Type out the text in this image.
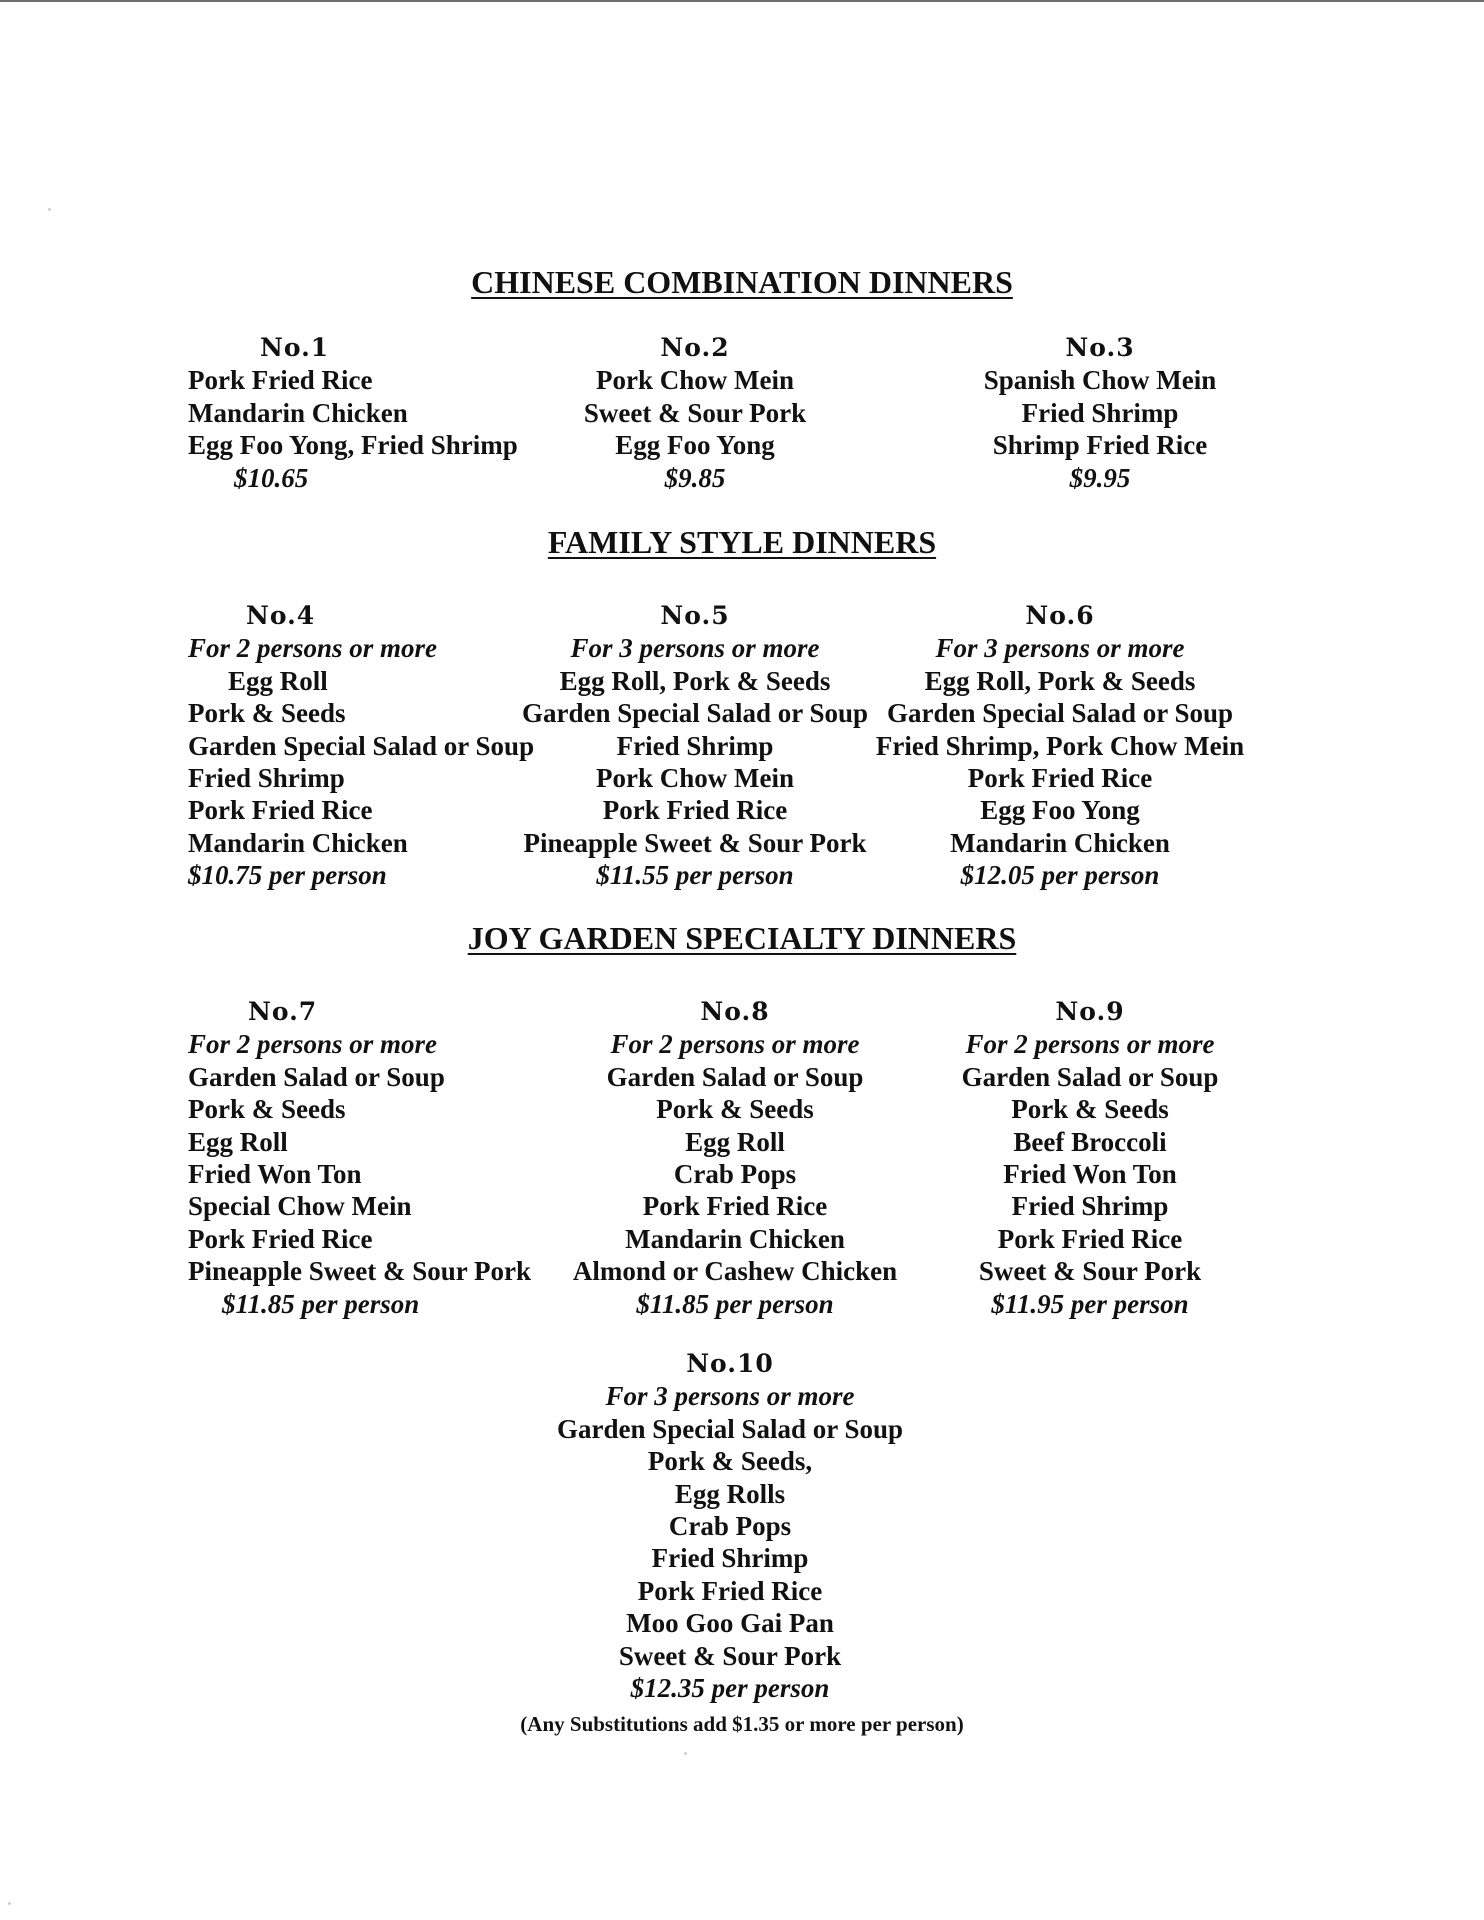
CHINESE COMBINATION DINNERS
No.1
Pork Fried Rice
Mandarin Chicken
Egg Foo Yong, Fried Shrimp
$10.65
No.2
Pork Chow Mein
Sweet & Sour Pork
Egg Foo Yong
$9.85
No.3
Spanish Chow Mein
Fried Shrimp
Shrimp Fried Rice
$9.95
FAMILY STYLE DINNERS
No.4
For 2 persons or more
Egg Roll
Pork & Seeds
Garden Special Salad or Soup
Fried Shrimp
Pork Fried Rice
Mandarin Chicken
$10.75 per person
No.5
For 3 persons or more
Egg Roll, Pork & Seeds
Garden Special Salad or Soup
Fried Shrimp
Pork Chow Mein
Pork Fried Rice
Pineapple Sweet & Sour Pork
$11.55 per person
No.6
For 3 persons or more
Egg Roll, Pork & Seeds
Garden Special Salad or Soup
Fried Shrimp, Pork Chow Mein
Pork Fried Rice
Egg Foo Yong
Mandarin Chicken
$12.05 per person
JOY GARDEN SPECIALTY DINNERS
No.7
For 2 persons or more
Garden Salad or Soup
Pork & Seeds
Egg Roll
Fried Won Ton
Special Chow Mein
Pork Fried Rice
Pineapple Sweet & Sour Pork
$11.85 per person
No.8
For 2 persons or more
Garden Salad or Soup
Pork & Seeds
Egg Roll
Crab Pops
Pork Fried Rice
Mandarin Chicken
Almond or Cashew Chicken
$11.85 per person
No.9
For 2 persons or more
Garden Salad or Soup
Pork & Seeds
Beef Broccoli
Fried Won Ton
Fried Shrimp
Pork Fried Rice
Sweet & Sour Pork
$11.95 per person
No.10
For 3 persons or more
Garden Special Salad or Soup
Pork & Seeds,
Egg Rolls
Crab Pops
Fried Shrimp
Pork Fried Rice
Moo Goo Gai Pan
Sweet & Sour Pork
$12.35 per person
(Any Substitutions add $1.35 or more per person)
